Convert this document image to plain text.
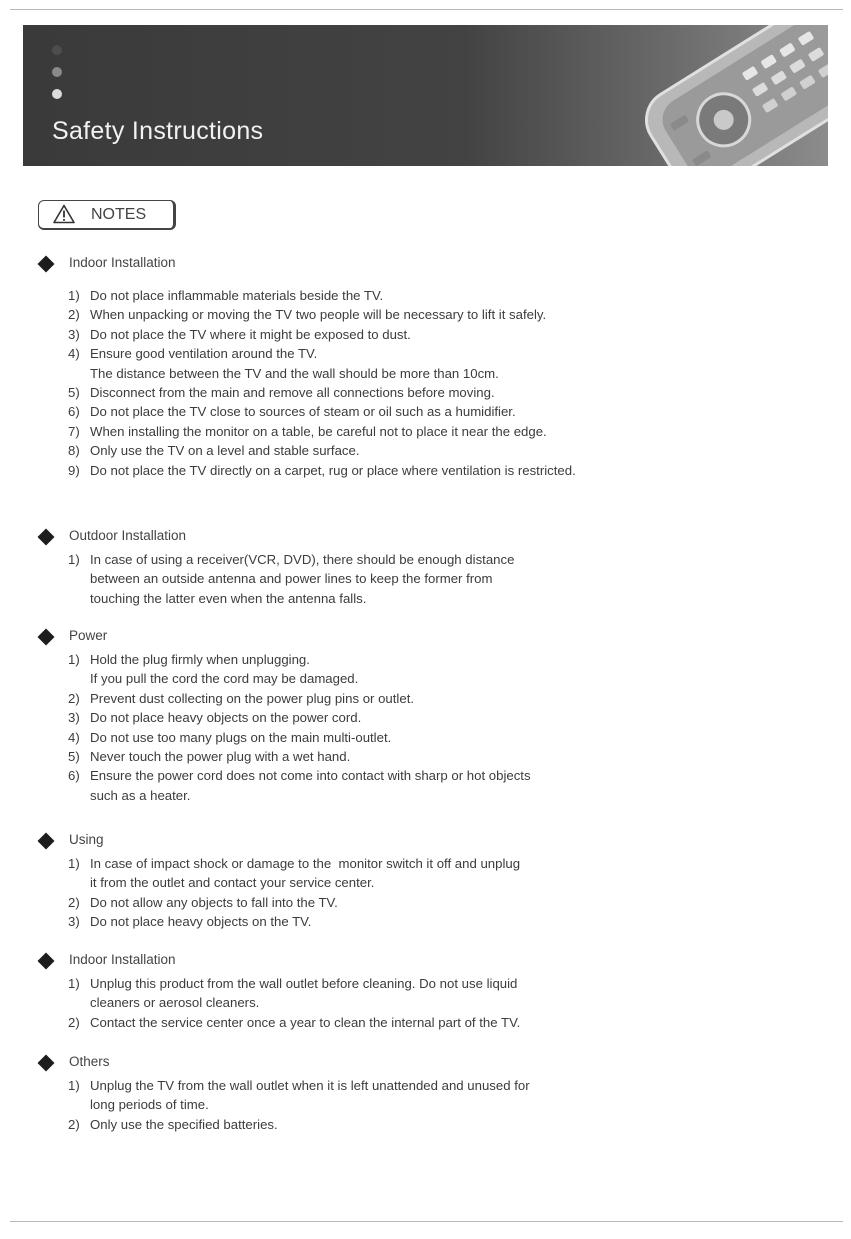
Safety Instructions
NOTES
Indoor Installation
1) Do not place inflammable materials beside the TV.
2) When unpacking or moving the TV two people will be necessary to lift it safely.
3) Do not place the TV where it might be exposed to dust.
4) Ensure good ventilation around the TV.
The distance between the TV and the wall should be more than 10cm.
5) Disconnect from the main and remove all connections before moving.
6) Do not place the TV close to sources of steam or oil such as a humidifier.
7) When installing the monitor on a table, be careful not to place it near the edge.
8) Only use the TV on a level and stable surface.
9) Do not place the TV directly on a carpet, rug or place where ventilation is restricted.
Outdoor Installation
1) In case of using a receiver(VCR, DVD), there should be enough distance
between an outside antenna and power lines to keep the former from
touching the latter even when the antenna falls.
Power
1) Hold the plug firmly when unplugging.
If you pull the cord the cord may be damaged.
2) Prevent dust collecting on the power plug pins or outlet.
3) Do not place heavy objects on the power cord.
4) Do not use too many plugs on the main multi-outlet.
5) Never touch the power plug with a wet hand.
6) Ensure the power cord does not come into contact with sharp or hot objects
such as a heater.
Using
1) In case of impact shock or damage to the  monitor switch it off and unplug
it from the outlet and contact your service center.
2) Do not allow any objects to fall into the TV.
3) Do not place heavy objects on the TV.
Indoor Installation
1) Unplug this product from the wall outlet before cleaning. Do not use liquid
cleaners or aerosol cleaners.
2) Contact the service center once a year to clean the internal part of the TV.
Others
1) Unplug the TV from the wall outlet when it is left unattended and unused for
long periods of time.
2) Only use the specified batteries.
